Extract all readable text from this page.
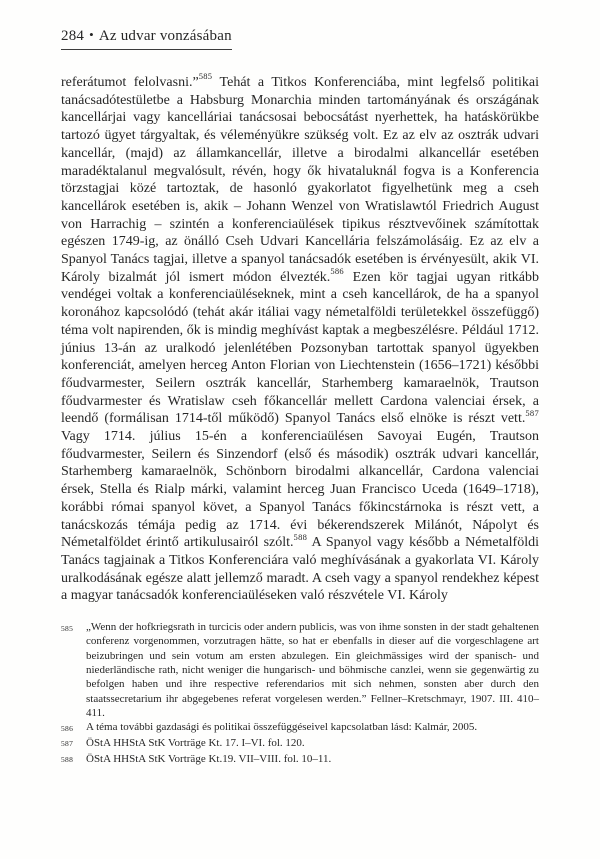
284 • Az udvar vonzásában

referátumot felolvasni.”$^{585}$ Tehát a Titkos Konferenciába, mint legfelső politikai tanácsadótestületbe a Habsburg Monarchia minden tartományának és országának kancellárjai vagy kancelláriai tanácsosai bebocsátást nyerhettek, ha hatáskörükbe tartozó ügyet tárgyaltak, és véleményükre szükség volt. Ez az elv az osztrák udvari kancellár, (majd) az államkancellár, illetve a birodalmi alkancellár esetében maradéktalanul megvalósult, révén, hogy ők hivataluknál fogva is a Konferencia törzstagjai közé tartoztak, de hasonló gyakorlatot figyelhetünk meg a cseh kancellárok esetében is, akik – Johann Wenzel von Wratislawtól Friedrich August von Harrachig – szintén a konferenciaülések tipikus résztvevőinek számítottak egészen 1749-ig, az önálló Cseh Udvari Kancellária felszámolásáig. Ez az elv a Spanyol Tanács tagjai, illetve a spanyol tanácsadók esetében is érvényesült, akik VI. Károly bizalmát jól ismert módon élvezték.$^{586}$ Ezen kör tagjai ugyan ritkább vendégei voltak a konferenciaüléseknek, mint a cseh kancellárok, de ha a spanyol koronához kapcsolódó (tehát akár itáliai vagy németalföldi területekkel összefüggő) téma volt napirenden, ők is mindig meghívást kaptak a megbeszélésre. Például 1712. június 13-án az uralkodó jelenlétében Pozsonyban tartottak spanyol ügyekben konferenciát, amelyen herceg Anton Florian von Liechtenstein (1656–1721) későbbi főudvarmester, Seilern osztrák kancellár, Starhemberg kamaraelnök, Trautson főudvarmester és Wratislaw cseh főkancellár mellett Cardona valenciai érsek, a leendő (formálisan 1714-től működő) Spanyol Tanács első elnöke is részt vett.$^{587}$ Vagy 1714. július 15-én a konferenciaülésen Savoyai Eugén, Trautson főudvarmester, Seilern és Sinzendorf (első és második) osztrák udvari kancellár, Starhemberg kamaraelnök, Schönborn birodalmi alkancellár, Cardona valenciai érsek, Stella és Rialp márki, valamint herceg Juan Francisco Uceda (1649–1718), korábbi római spanyol követ, a Spanyol Tanács főkincstárnoka is részt vett, a tanácskozás témája pedig az 1714. évi békerendszerek Milánót, Nápolyt és Németalföldet érintő artikulusairól szólt.$^{588}$ A Spanyol vagy később a Németalföldi Tanács tagjainak a Titkos Konferenciára való meghívásának a gyakorlata VI. Károly uralkodásának egésze alatt jellemző maradt. A cseh vagy a spanyol rendekhez képest a magyar tanácsadók konferenciaüléseken való részvétele VI. Károly

585	„Wenn der hofkriegsrath in turcicis oder andern publicis, was von ihme sonsten in der stadt gehaltenen conferenz vorgenommen, vorzutragen hätte, so hat er ebenfalls in dieser auf die vorgeschlagene art beizubringen und sein votum am ersten abzulegen. Ein gleichmässiges wird der spanisch- und niederländische rath, nicht weniger die hungarisch- und böhmische canzlei, wenn sie gegenwärtig zu befolgen haben und ihre respective referendarios mit sich nehmen, sonsten aber durch den staatssecretarium ihr abgegebenes referat vorgelesen werden.” Fellner–Kretschmayr, 1907. III. 410–411.
586	A téma további gazdasági és politikai összefüggéseivel kapcsolatban lásd: Kalmár, 2005.
587	ÖStA HHStA StK Vorträge Kt. 17. I–VI. fol. 120.
588	ÖStA HHStA StK Vorträge Kt.19. VII–VIII. fol. 10–11.
